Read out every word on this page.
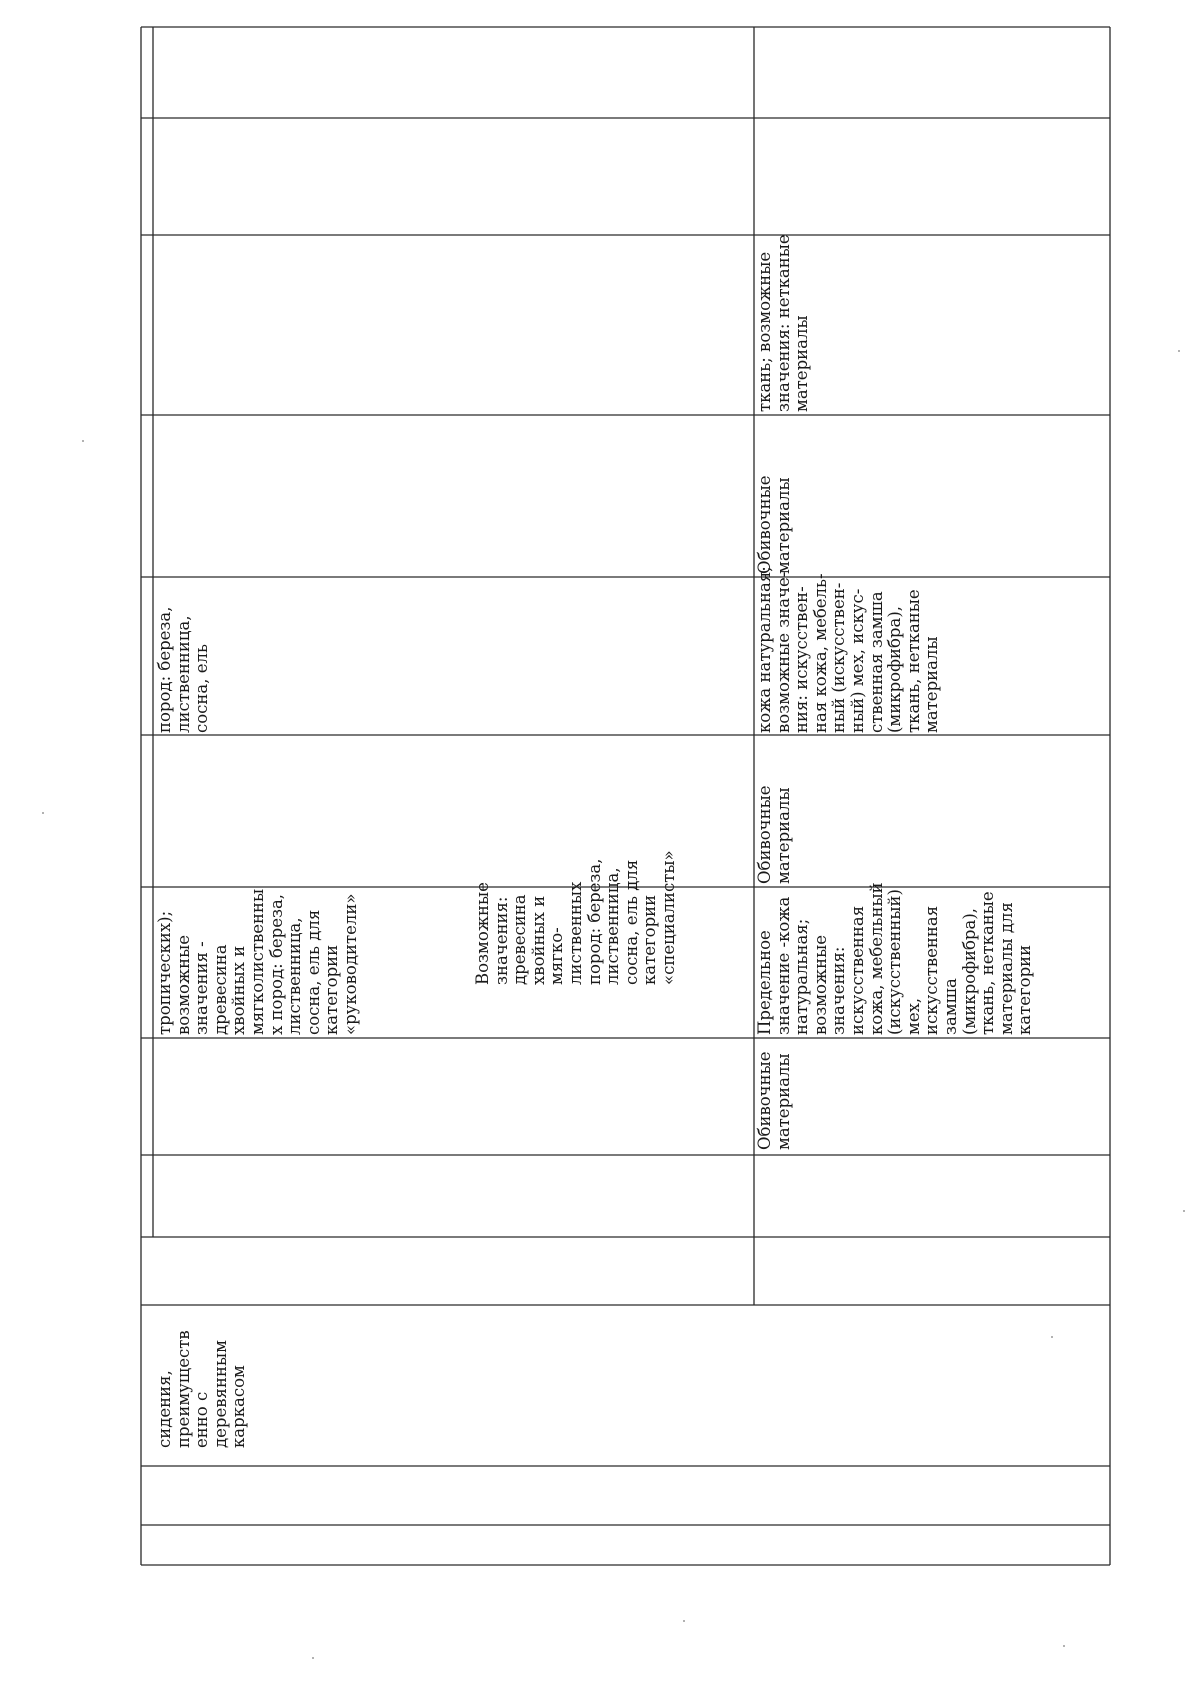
сидения,
преимуществ
енно с
деревянным
каркасом
тропических);
возможные
значения -
древесина
хвойных и
мягколиственны
х пород: береза,
лиственница,
сосна, ель для
категории
«руководители»	Возможные
значения:
древесина
хвойных и
мягко-
лиственных
пород: береза,
лиственница,
сосна, ель для
категории
«специалисты»
пород: береза,
лиственница,
сосна, ель
Обивочные
материалы
Предельное
значение -кожа
натуральная;
возможные
значения:
искусственная
кожа, мебельный
(искусственный)
мех,
искусственная
замша
(микрофибра),
ткань, нетканые
материалы для
категории
Обивочные
материалы
кожа натуральная;
возможные значе-
ния: искусствен-
ная кожа, мебель-
ный (искусствен-
ный) мех, искус-
ственная замша
(микрофибра),
ткань, нетканые
материалы
Обивочные
материалы
ткань; возможные
значения: нетканые
материалы
